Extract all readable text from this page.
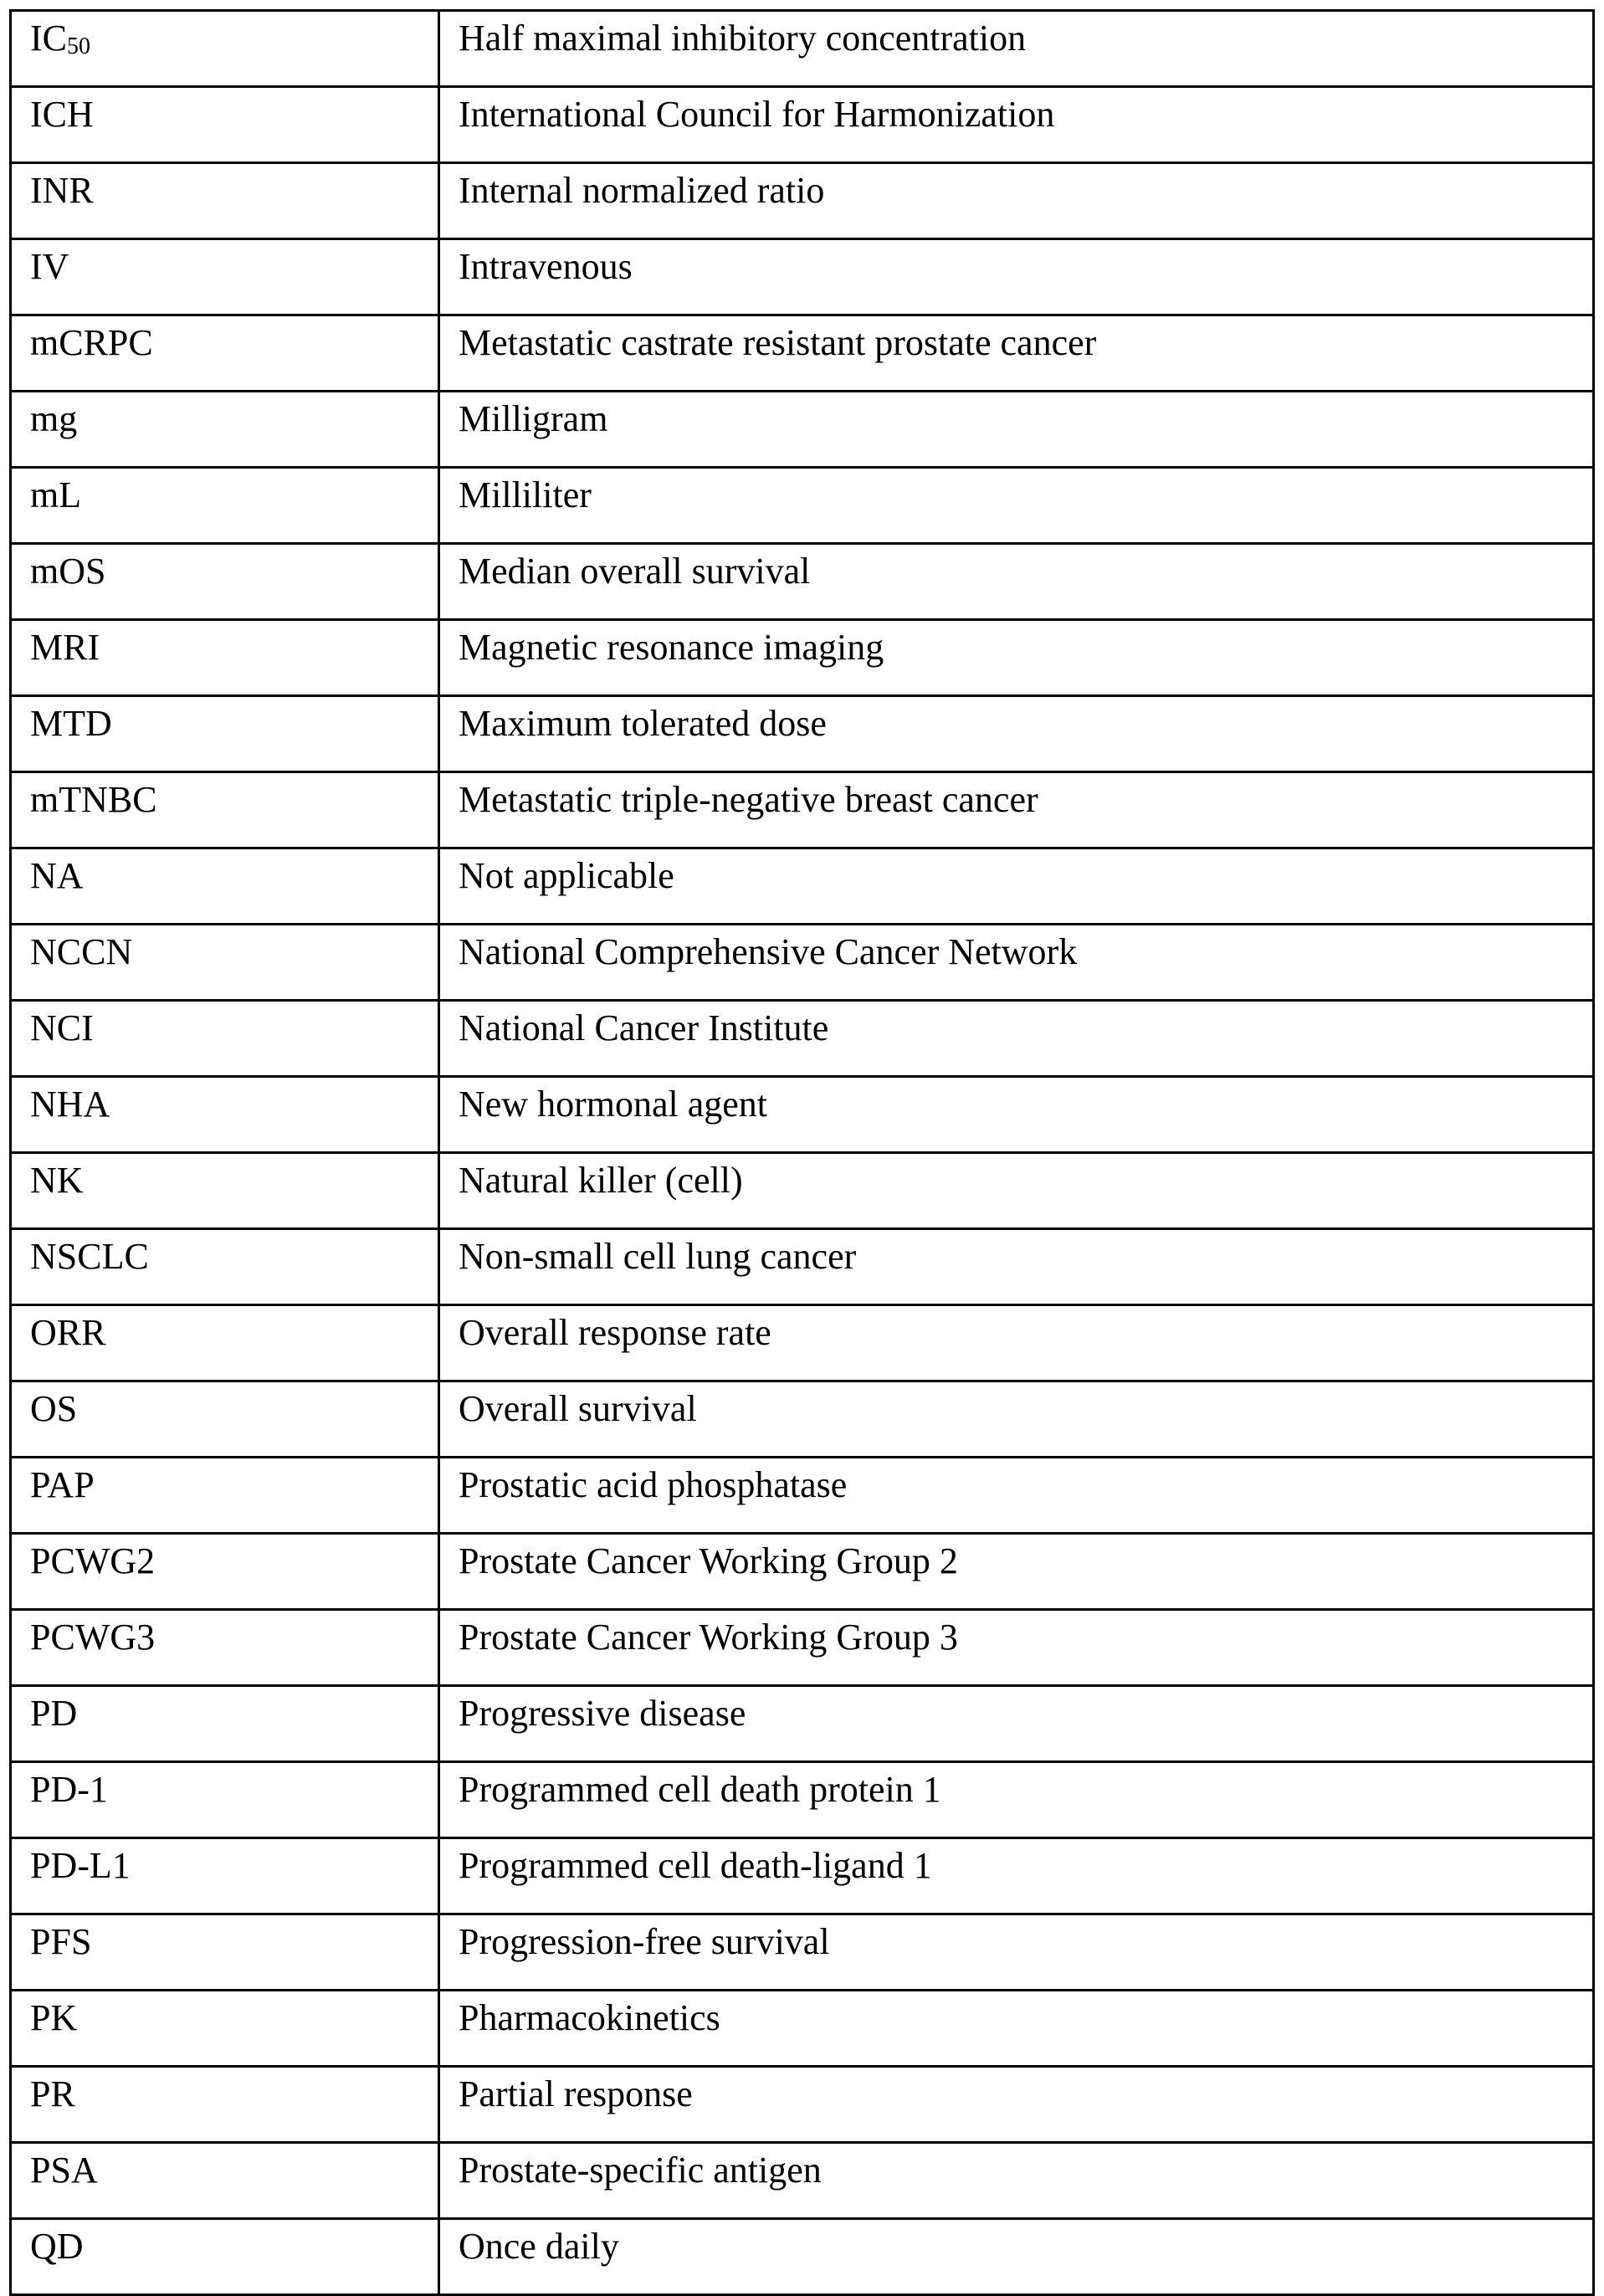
$IC_{50}$	Half maximal inhibitory concentration
ICH	International Council for Harmonization
INR	Internal normalized ratio
IV	Intravenous
mCRPC	Metastatic castrate resistant prostate cancer
mg	Milligram
mL	Milliliter
mOS	Median overall survival
MRI	Magnetic resonance imaging
MTD	Maximum tolerated dose
mTNBC	Metastatic triple-negative breast cancer
NA	Not applicable
NCCN	National Comprehensive Cancer Network
NCI	National Cancer Institute
NHA	New hormonal agent
NK	Natural killer (cell)
NSCLC	Non-small cell lung cancer
ORR	Overall response rate
OS	Overall survival
PAP	Prostatic acid phosphatase
PCWG2	Prostate Cancer Working Group 2
PCWG3	Prostate Cancer Working Group 3
PD	Progressive disease
PD-1	Programmed cell death protein 1
PD-L1	Programmed cell death-ligand 1
PFS	Progression-free survival
PK	Pharmacokinetics
PR	Partial response
PSA	Prostate-specific antigen
QD	Once daily
